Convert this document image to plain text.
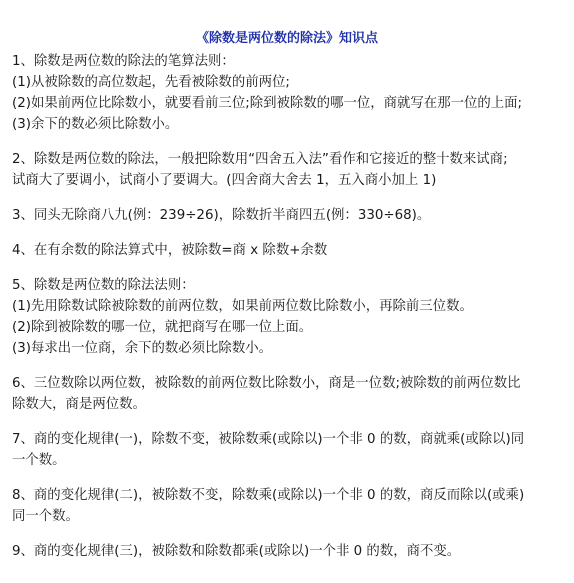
《除数是两位数的除法》知识点
1、除数是两位数的除法的笔算法则：
(1)从被除数的高位数起，先看被除数的前两位;
(2)如果前两位比除数小，就要看前三位;除到被除数的哪一位，商就写在那一位的上面;
(3)余下的数必须比除数小。
2、除数是两位数的除法，一般把除数用“四舍五入法”看作和它接近的整十数来试商;
试商大了要调小，试商小了要调大。(四舍商大舍去 1，五入商小加上 1)
3、同头无除商八九(例：239÷26)，除数折半商四五(例：330÷68)。
4、在有余数的除法算式中，被除数=商 x 除数+余数
5、除数是两位数的除法法则：
(1)先用除数试除被除数的前两位数，如果前两位数比除数小，再除前三位数。
(2)除到被除数的哪一位，就把商写在哪一位上面。
(3)每求出一位商，余下的数必须比除数小。
6、三位数除以两位数，被除数的前两位数比除数小，商是一位数;被除数的前两位数比
除数大，商是两位数。
7、商的变化规律(一)，除数不变，被除数乘(或除以)一个非 0 的数，商就乘(或除以)同
一个数。
8、商的变化规律(二)，被除数不变，除数乘(或除以)一个非 0 的数，商反而除以(或乘)
同一个数。
9、商的变化规律(三)，被除数和除数都乘(或除以)一个非 0 的数，商不变。
